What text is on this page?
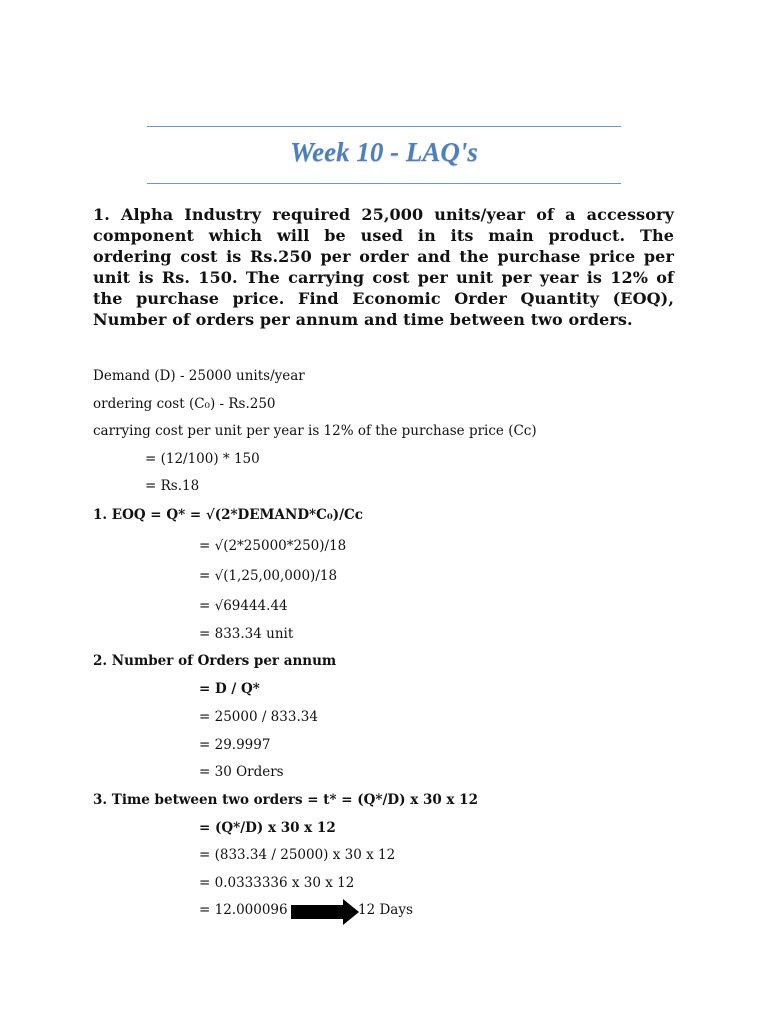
Week 10 - LAQ's
1. Alpha Industry required 25,000 units/year of a accessory component which will be used in its main product. The ordering cost is Rs.250 per order and the purchase price per unit is Rs. 150. The carrying cost per unit per year is 12% of the purchase price. Find Economic Order Quantity (EOQ), Number of orders per annum and time between two orders.
Demand (D) - 25000 units/year
ordering cost (C₀) - Rs.250
carrying cost per unit per year is 12% of the purchase price (Cᴄ)
= (12/100) * 150
= Rs.18
1. EOQ = Q* = √(2*DEMAND*C₀)/Cᴄ
= √(2*25000*250)/18
= √(1,25,00,000)/18
= √69444.44
= 833.34 unit
2. Number of Orders per annum
= D / Q*
= 25000 / 833.34
= 29.9997
= 30 Orders
3. Time between two orders = t* = (Q*/D) x 30 x 12
= (Q*/D) x 30 x 12
= (833.34 / 25000) x 30 x 12
= 0.0333336 x 30 x 12
= 12.000096	12 Days
